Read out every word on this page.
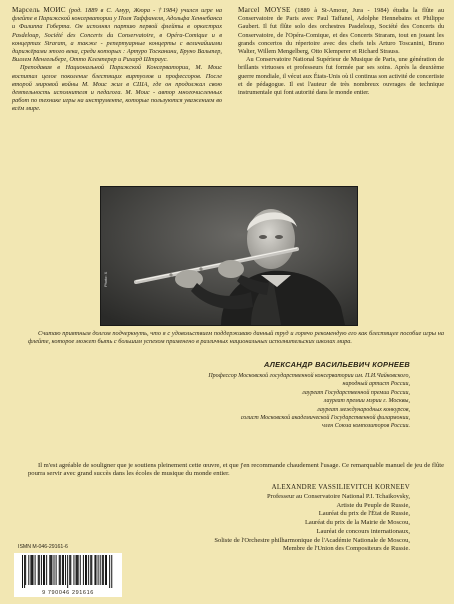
Марсель МОИС (род. 1889 в С. Амур, Жюра - †1984) учился игре на флейте в Парижской консерватории у Поля Таффанеля, Адольфа Хеннебанса и Филиппа Гоберта. Он исполнял партию первой флейты в оркестрах Pasdeloup, Société des Concerts du Conservatoire, в Opéra-Comique и в концертах Straram, а также - репертуарные концерты с величайшими дирижёрами этого века, среди которых : Артуро Тосканини, Бруно Вальтер, Виллем Менгельберг, Отто Клемперер и Рихард Штраус.

Преподавая в Национальной Парижской Консерватории, М. Моис воспитал целое поколение блестящих виртуозов и профессоров. После второй мировой войны М. Моис жил в США, где он продолжал свою деятельность исполнителя и педагога. М. Моис - автор многочисленных работ по технике игры на инструменте, которые пользуются уважением во всём мире.

Marcel MOYSE (1889 à St-Amour, Jura - 1984) étudia la flûte au Conservatoire de Paris avec Paul Taffanel, Adolphe Hennebains et Philippe Gaubert. Il fut flûte solo des orchestres Pasdeloup, Société des Concerts du Conservatoire, de l'Opéra-Comique, et des Concerts Straram, tout en jouant les grands concertos du répertoire avec des chefs tels Arturo Toscanini, Bruno Walter, Willem Mengelberg, Otto Klemperer et Richard Strauss.

Au Conservatoire National Supérieur de Musique de Paris, une génération de brillants virtuoses et professeurs fut formée par ses soins. Après la deuxième guerre mondiale, il vécut aux États-Unis où il continua son activité de concertiste et de pédagogue. Il est l'auteur de très nombreux ouvrages de technique instrumentale qui font autorité dans le monde entier.

Photo: X

Считаю приятным долгом подчеркнуть, что я с удовольствием поддерживаю данный труд и горячо рекомендую его как блестящее пособие игры на флейте, которое может быть с большим успехом применено в различных национальных исполнительских школах мира.

АЛЕКСАНДР ВАСИЛЬЕВИЧ КОРНЕЕВ
Профессор Московской государственной консерватории им. П.И.Чайковского,
народный артист России,
лауреат Государственной премии России,
лауреат премии мэрии г. Москвы,
лауреат международных конкурсов,
солист Московской академической Государственной филармонии,
член Союза композиторов России.

Il m'est agréable de souligner que je soutiens pleinement cette œuvre, et que j'en recommande chaudement l'usage. Ce remarquable manuel de jeu de flûte pourra servir avec grand succès dans les écoles de musique du monde entier.

ALEXANDRE VASSILIEVITCH KORNEEV
Professeur au Conservatoire National P.I. Tchaikovsky,
Artiste du Peuple de Russie,
Lauréat du prix de l'État de Russie,
Lauréat du prix de la Mairie de Moscou,
Lauréat de concours internationaux,
Soliste de l'Orchestre philharmonique de l'Académie Nationale de Moscou,
Membre de l'Union des Compositeurs de Russie.
ISMN M-046-29161-6
9 790046 291616
